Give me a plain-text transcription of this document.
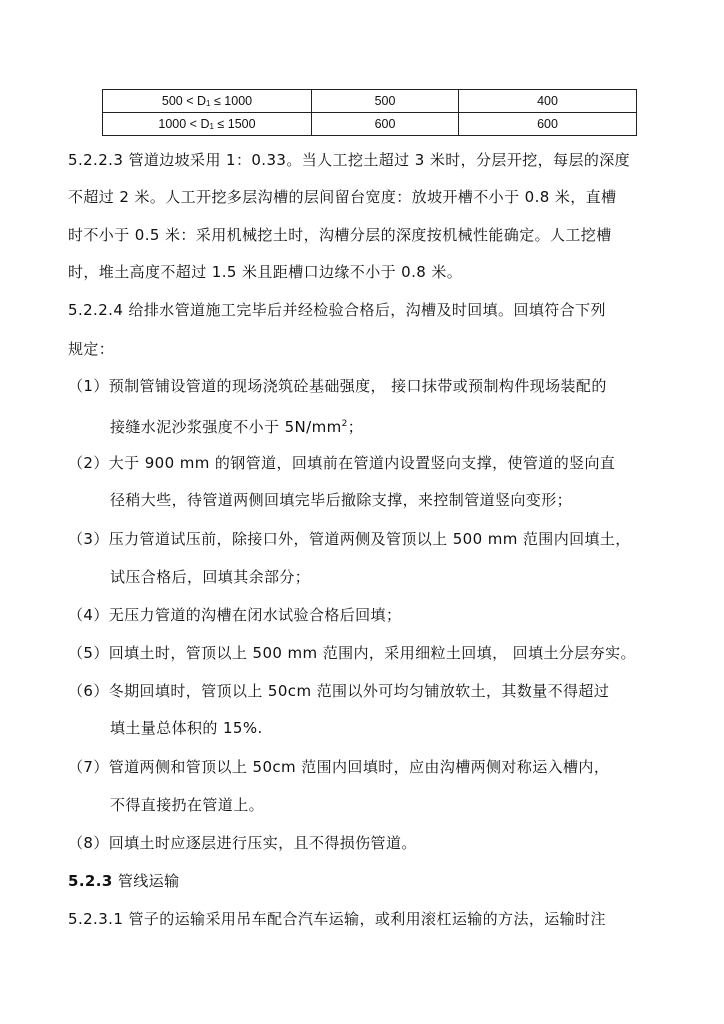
500 < D1 ≤ 1000	500	400
1000 < D1 ≤ 1500	600	600
5.2.2.3 管道边坡采用 1：0.33。当人工挖土超过 3 米时，分层开挖，每层的深度
不超过 2 米。人工开挖多层沟槽的层间留台宽度：放坡开槽不小于 0.8 米，直槽
时不小于 0.5 米：采用机械挖土时，沟槽分层的深度按机械性能确定。人工挖槽
时，堆土高度不超过 1.5 米且距槽口边缘不小于 0.8 米。
5.2.2.4 给排水管道施工完毕后并经检验合格后，沟槽及时回填。回填符合下列
规定：
（1）预制管铺设管道的现场浇筑砼基础强度， 接口抹带或预制构件现场装配的
接缝水泥沙浆强度不小于 $5N/mm^2$；
（2）大于 900 mm 的钢管道，回填前在管道内设置竖向支撑，使管道的竖向直
径稍大些，待管道两侧回填完毕后撤除支撑，来控制管道竖向变形；
（3）压力管道试压前，除接口外，管道两侧及管顶以上 500 mm 范围内回填土，
试压合格后，回填其余部分；
（4）无压力管道的沟槽在闭水试验合格后回填；
（5）回填土时，管顶以上 500 mm 范围内，采用细粒土回填， 回填土分层夯实。
（6）冬期回填时，管顶以上 50cm 范围以外可均匀铺放软土，其数量不得超过
填土量总体积的 15%.
（7）管道两侧和管顶以上 50cm 范围内回填时，应由沟槽两侧对称运入槽内，
不得直接扔在管道上。
（8）回填土时应逐层进行压实，且不得损伤管道。
5.2.3 管线运输
5.2.3.1 管子的运输采用吊车配合汽车运输，或利用滚杠运输的方法，运输时注
